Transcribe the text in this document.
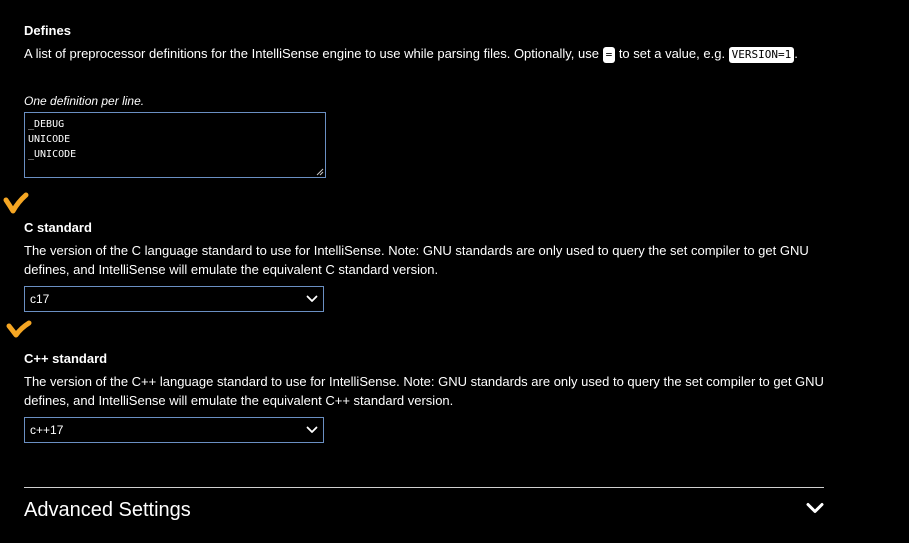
Defines
A list of preprocessor definitions for the IntelliSense engine to use while parsing files. Optionally, use = to set a value, e.g. VERSION=1 .
One definition per line.
_DEBUG
UNICODE
_UNICODE
C standard
The version of the C language standard to use for IntelliSense. Note: GNU standards are only used to query the set compiler to get GNU defines, and IntelliSense will emulate the equivalent C standard version.
c17
C++ standard
The version of the C++ language standard to use for IntelliSense. Note: GNU standards are only used to query the set compiler to get GNU defines, and IntelliSense will emulate the equivalent C++ standard version.
c++17
Advanced Settings
